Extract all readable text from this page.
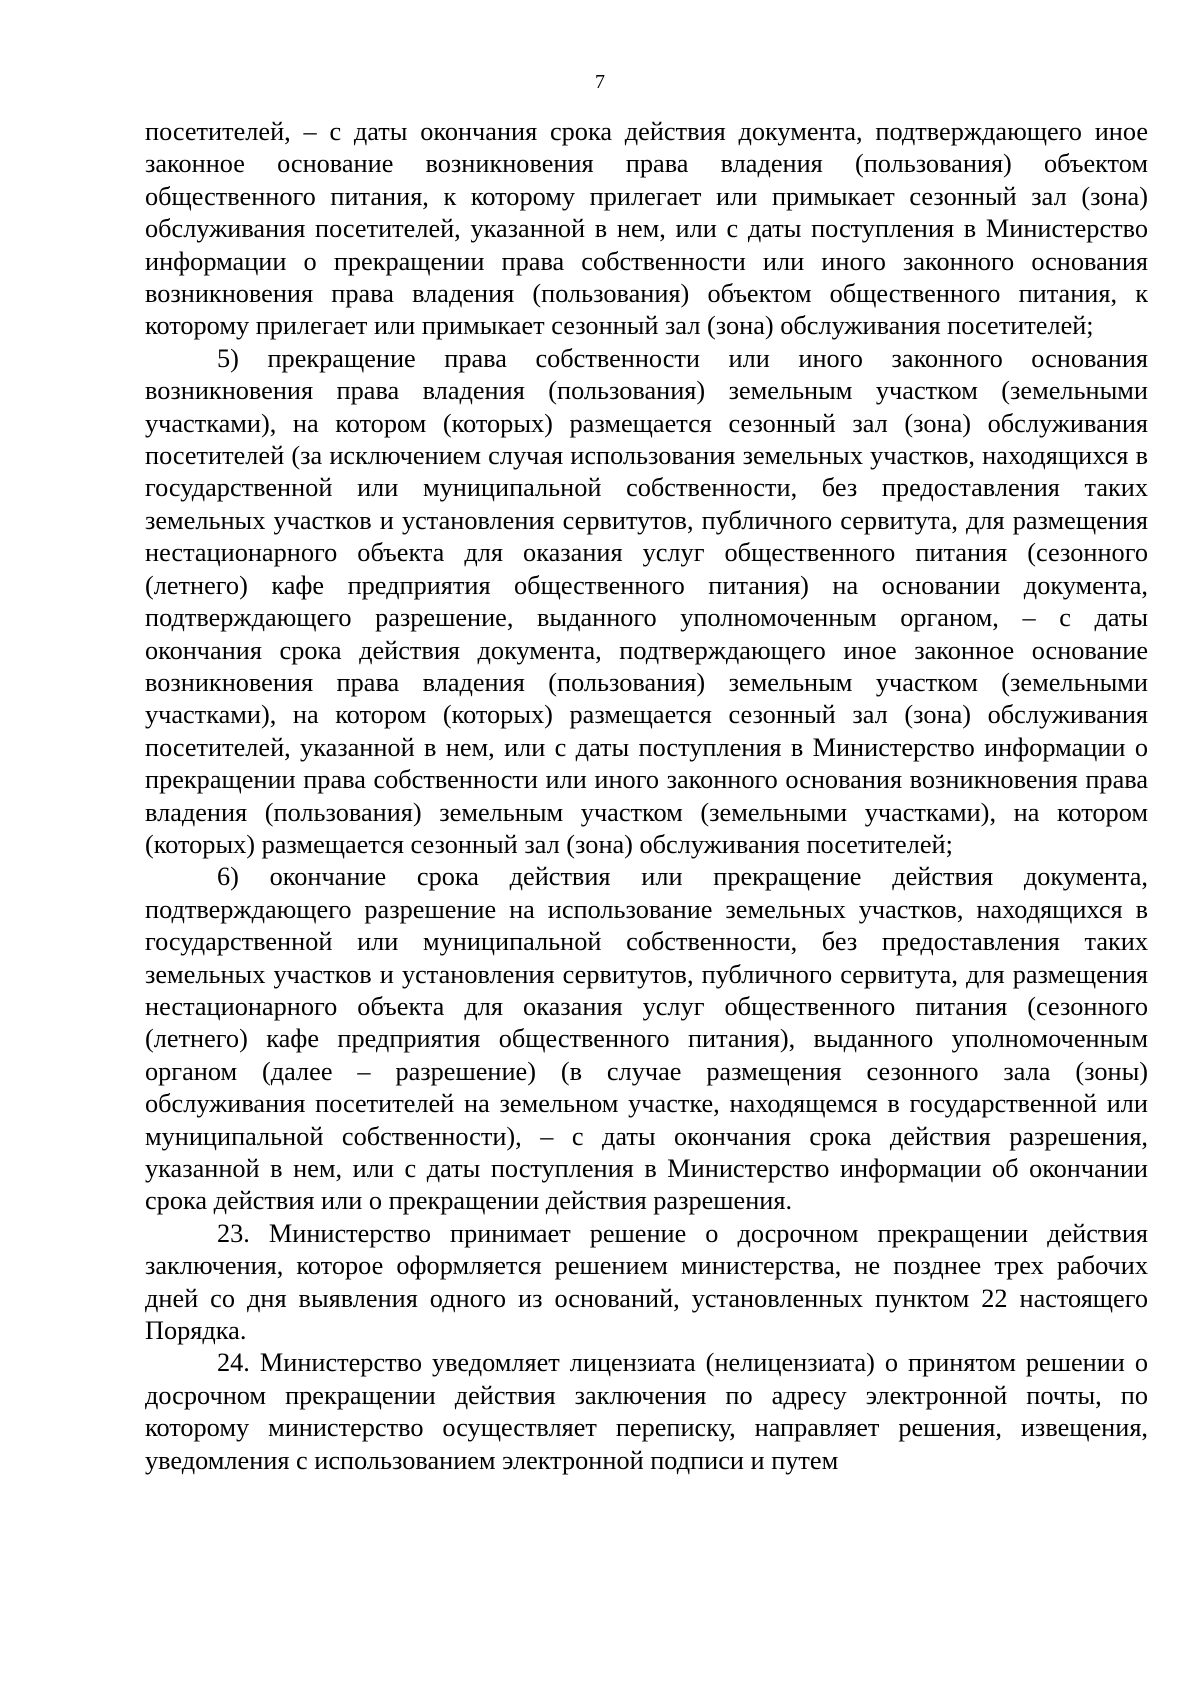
7

посетителей, – с даты окончания срока действия документа, подтверждающего иное законное основание возникновения права владения (пользования) объектом общественного питания, к которому прилегает или примыкает сезонный зал (зона) обслуживания посетителей, указанной в нем, или с даты поступления в Министерство информации о прекращении права собственности или иного законного основания возникновения права владения (пользования) объектом общественного питания, к которому прилегает или примыкает сезонный зал (зона) обслуживания посетителей;

5) прекращение права собственности или иного законного основания возникновения права владения (пользования) земельным участком (земельными участками), на котором (которых) размещается сезонный зал (зона) обслуживания посетителей (за исключением случая использования земельных участков, находящихся в государственной или муниципальной собственности, без предоставления таких земельных участков и установления сервитутов, публичного сервитута, для размещения нестационарного объекта для оказания услуг общественного питания (сезонного (летнего) кафе предприятия общественного питания) на основании документа, подтверждающего разрешение, выданного уполномоченным органом, – с даты окончания срока действия документа, подтверждающего иное законное основание возникновения права владения (пользования) земельным участком (земельными участками), на котором (которых) размещается сезонный зал (зона) обслуживания посетителей, указанной в нем, или с даты поступления в Министерство информации о прекращении права собственности или иного законного основания возникновения права владения (пользования) земельным участком (земельными участками), на котором (которых) размещается сезонный зал (зона) обслуживания посетителей;

6) окончание срока действия или прекращение действия документа, подтверждающего разрешение на использование земельных участков, находящихся в государственной или муниципальной собственности, без предоставления таких земельных участков и установления сервитутов, публичного сервитута, для размещения нестационарного объекта для оказания услуг общественного питания (сезонного (летнего) кафе предприятия общественного питания), выданного уполномоченным органом (далее – разрешение) (в случае размещения сезонного зала (зоны) обслуживания посетителей на земельном участке, находящемся в государственной или муниципальной собственности), – с даты окончания срока действия разрешения, указанной в нем, или с даты поступления в Министерство информации об окончании срока действия или о прекращении действия разрешения.

23. Министерство принимает решение о досрочном прекращении действия заключения, которое оформляется решением министерства, не позднее трех рабочих дней со дня выявления одного из оснований, установленных пунктом 22 настоящего Порядка.

24. Министерство уведомляет лицензиата (нелицензиата) о принятом решении о досрочном прекращении действия заключения по адресу электронной почты, по которому министерство осуществляет переписку, направляет решения, извещения, уведомления с использованием электронной подписи и путем
